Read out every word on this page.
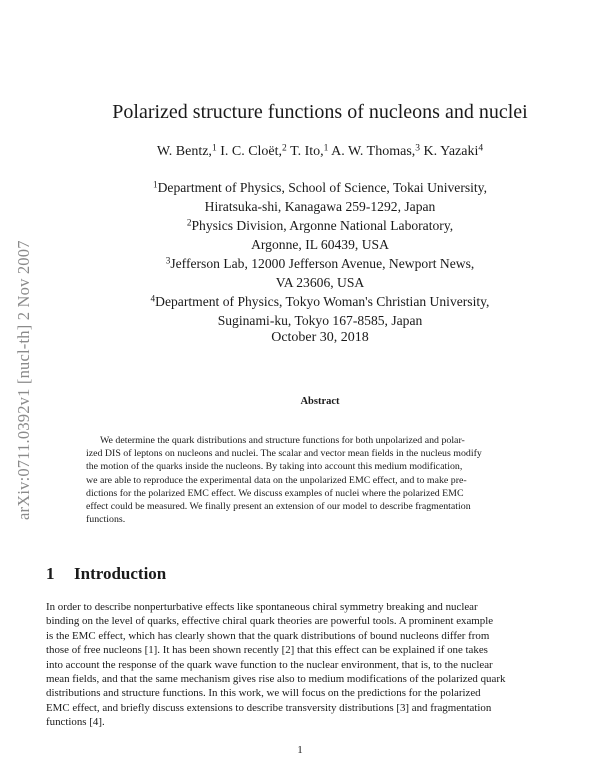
arXiv:0711.0392v1 [nucl-th] 2 Nov 2007
Polarized structure functions of nucleons and nuclei
W. Bentz,$^1$ I. C. Cloët,$^2$ T. Ito,$^1$ A. W. Thomas,$^3$ K. Yazaki$^4$
$^1$Department of Physics, School of Science, Tokai University,
Hiratsuka-shi, Kanagawa 259-1292, Japan
$^2$Physics Division, Argonne National Laboratory,
Argonne, IL 60439, USA
$^3$Jefferson Lab, 12000 Jefferson Avenue, Newport News,
VA 23606, USA
$^4$Department of Physics, Tokyo Woman's Christian University,
Suginami-ku, Tokyo 167-8585, Japan
October 30, 2018
Abstract
We determine the quark distributions and structure functions for both unpolarized and polar-
ized DIS of leptons on nucleons and nuclei. The scalar and vector mean fields in the nucleus modify
the motion of the quarks inside the nucleons. By taking into account this medium modification,
we are able to reproduce the experimental data on the unpolarized EMC effect, and to make pre-
dictions for the polarized EMC effect. We discuss examples of nuclei where the polarized EMC
effect could be measured. We finally present an extension of our model to describe fragmentation
functions.
1 Introduction
In order to describe nonperturbative effects like spontaneous chiral symmetry breaking and nuclear
binding on the level of quarks, effective chiral quark theories are powerful tools. A prominent example
is the EMC effect, which has clearly shown that the quark distributions of bound nucleons differ from
those of free nucleons [1]. It has been shown recently [2] that this effect can be explained if one takes
into account the response of the quark wave function to the nuclear environment, that is, to the nuclear
mean fields, and that the same mechanism gives rise also to medium modifications of the polarized quark
distributions and structure functions. In this work, we will focus on the predictions for the polarized
EMC effect, and briefly discuss extensions to describe transversity distributions [3] and fragmentation
functions [4].
1
